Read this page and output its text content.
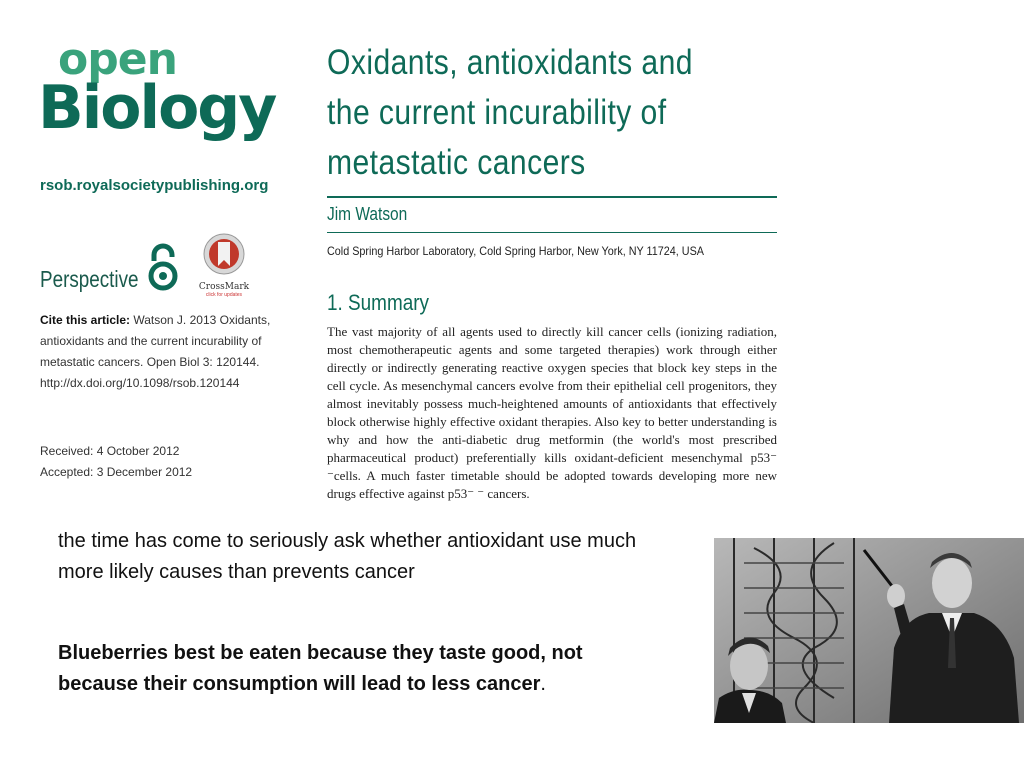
open
Biology
rsob.royalsocietypublishing.org
Perspective	CrossMark
click for updates
Cite this article: Watson J. 2013 Oxidants, antioxidants and the current incurability of metastatic cancers. Open Biol 3: 120144. http://dx.doi.org/10.1098/rsob.120144
Received: 4 October 2012
Accepted: 3 December 2012
Oxidants, antioxidants and the current incurability of metastatic cancers
Jim Watson
Cold Spring Harbor Laboratory, Cold Spring Harbor, New York, NY 11724, USA
1. Summary
The vast majority of all agents used to directly kill cancer cells (ionizing radiation, most chemotherapeutic agents and some targeted therapies) work through either directly or indirectly generating reactive oxygen species that block key steps in the cell cycle. As mesenchymal cancers evolve from their epithelial cell progenitors, they almost inevitably possess much-heightened amounts of antioxidants that effectively block otherwise highly effective oxidant therapies. Also key to better understanding is why and how the anti-diabetic drug metformin (the world's most prescribed pharmaceutical product) preferentially kills oxidant-deficient mesenchymal p53⁻ ⁻cells. A much faster timetable should be adopted towards developing more new drugs effective against p53⁻ ⁻ cancers.
the time has come to seriously ask whether antioxidant use much more likely causes than prevents cancer
Blueberries best be eaten because they taste good, not because their consumption will lead to less cancer.
